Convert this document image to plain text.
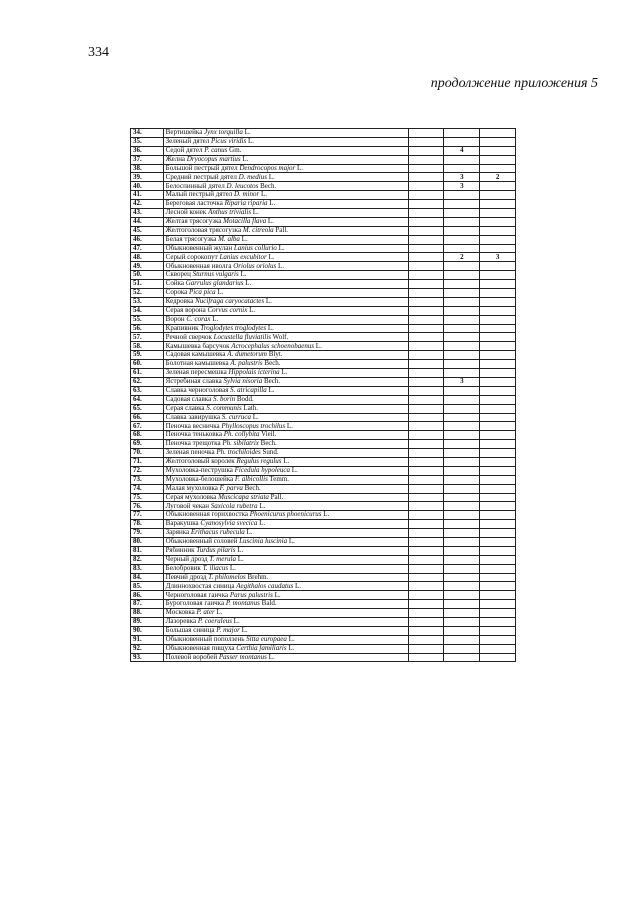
334
продолжение приложения 5
34.	Вертишейка Jynx torquilla L.			
35.	Зеленый дятел Picus viridis L.			
36.	Седой дятел P. canus Gm.		4	
37.	Желна Dryocopus martius L.			
38.	Большой пестрый дятел Dendrocopos major L.			
39.	Средний пестрый дятел D. medius L.		3	2
40.	Белоспинный дятел D. leucotos Bech.		3	
41.	Малый пестрый дятел D. minor L.			
42.	Береговая ласточка Riparia riparia L.			
43.	Лесной конек Anthus trivialis L.			
44.	Желтая трясогузка Motacilla flava L.			
45.	Желтоголовая трясогузка M. citreola Pall.			
46.	Белая трясогузка M. alba L.			
47.	Обыкновенный жулан Lanius collurio L.			
48.	Серый сорокопут Lanius excubitor L.		2	3
49.	Обыкновенная иволга Oriolus oriolus L.			
50.	Скворец Sturnus vulgaris L.			
51.	Сойка Garrulus glandarius L.			
52.	Сорока Pica pica L.			
53.	Кедровка Nucifraga caryocatactes L.			
54.	Серая ворона Corvus cornix L.			
55.	Ворон C. corax L.			
56.	Крапивник Troglodytes troglodytes L.			
57.	Речной сверчок Locustella fluviatilis Wolf.			
58.	Камышевка барсучок Acrocephalus schoenobaenus L.			
59.	Садовая камышевка A. dumetorum Blyt.			
60.	Болотная камышевка A. palustris Bech.			
61.	Зеленая пересмешка Hippolais icterina L.			
62.	Ястребиная славка Sylvia nisoria Bech.		3	
63.	Славка черноголовая S. atricapilla L.			
64.	Садовая славка S. borin Bodd.			
65.	Серая славка S. communis Lath.			
66.	Славка завирушка S. curruca L.			
67.	Пеночка весничка Phylloscopus trochilus L.			
68.	Пеночка теньковка Ph. collybita Vieil.			
69.	Пеночка трещотка Ph. sibilatrix Bech.			
70.	Зеленая пеночка Ph. trochiloides Sund.			
71.	Желтоголовый королек Regulus regulus L.			
72.	Мухоловка-пеструшка Ficedula hypoleuca L.			
73.	Мухоловка-белошейка F. albicollis Temm.			
74.	Малая мухоловка F. parva Bech.			
75.	Серая мухоловка Muscicapa striata Pall.			
76.	Луговой чекан Saxicola rubetra L.			
77.	Обыкновенная горихвостка Phoenicurus phoenicurus L.			
78.	Варакушка Cyanosylvia svecica L.			
79.	Зарянка Erithacus rubecula L.			
80.	Обыкновенный соловей Luscinia luscinia L.			
81.	Рябинник Turdus pilaris L.			
82.	Черный дрозд T. merula L.			
83.	Белобровик T. iliacus L.			
84.	Певчий дрозд T. philomelos Brehm.			
85.	Длиннохвостая синица Aegithalos caudatus L.			
86.	Черноголовая гаичка Parus palustris L.			
87.	Буроголовая гаичка P. montanus Bald.			
88.	Московка P. ater L.			
89.	Лазоревка P. coeruleus L.			
90.	Большая синица P. major L.			
91.	Обыкновенный поползень Sitta europaea L.			
92.	Обыкновенная пищуха Certhia familiaris L.			
93.	Полевой воробей Passer montanus L.			
